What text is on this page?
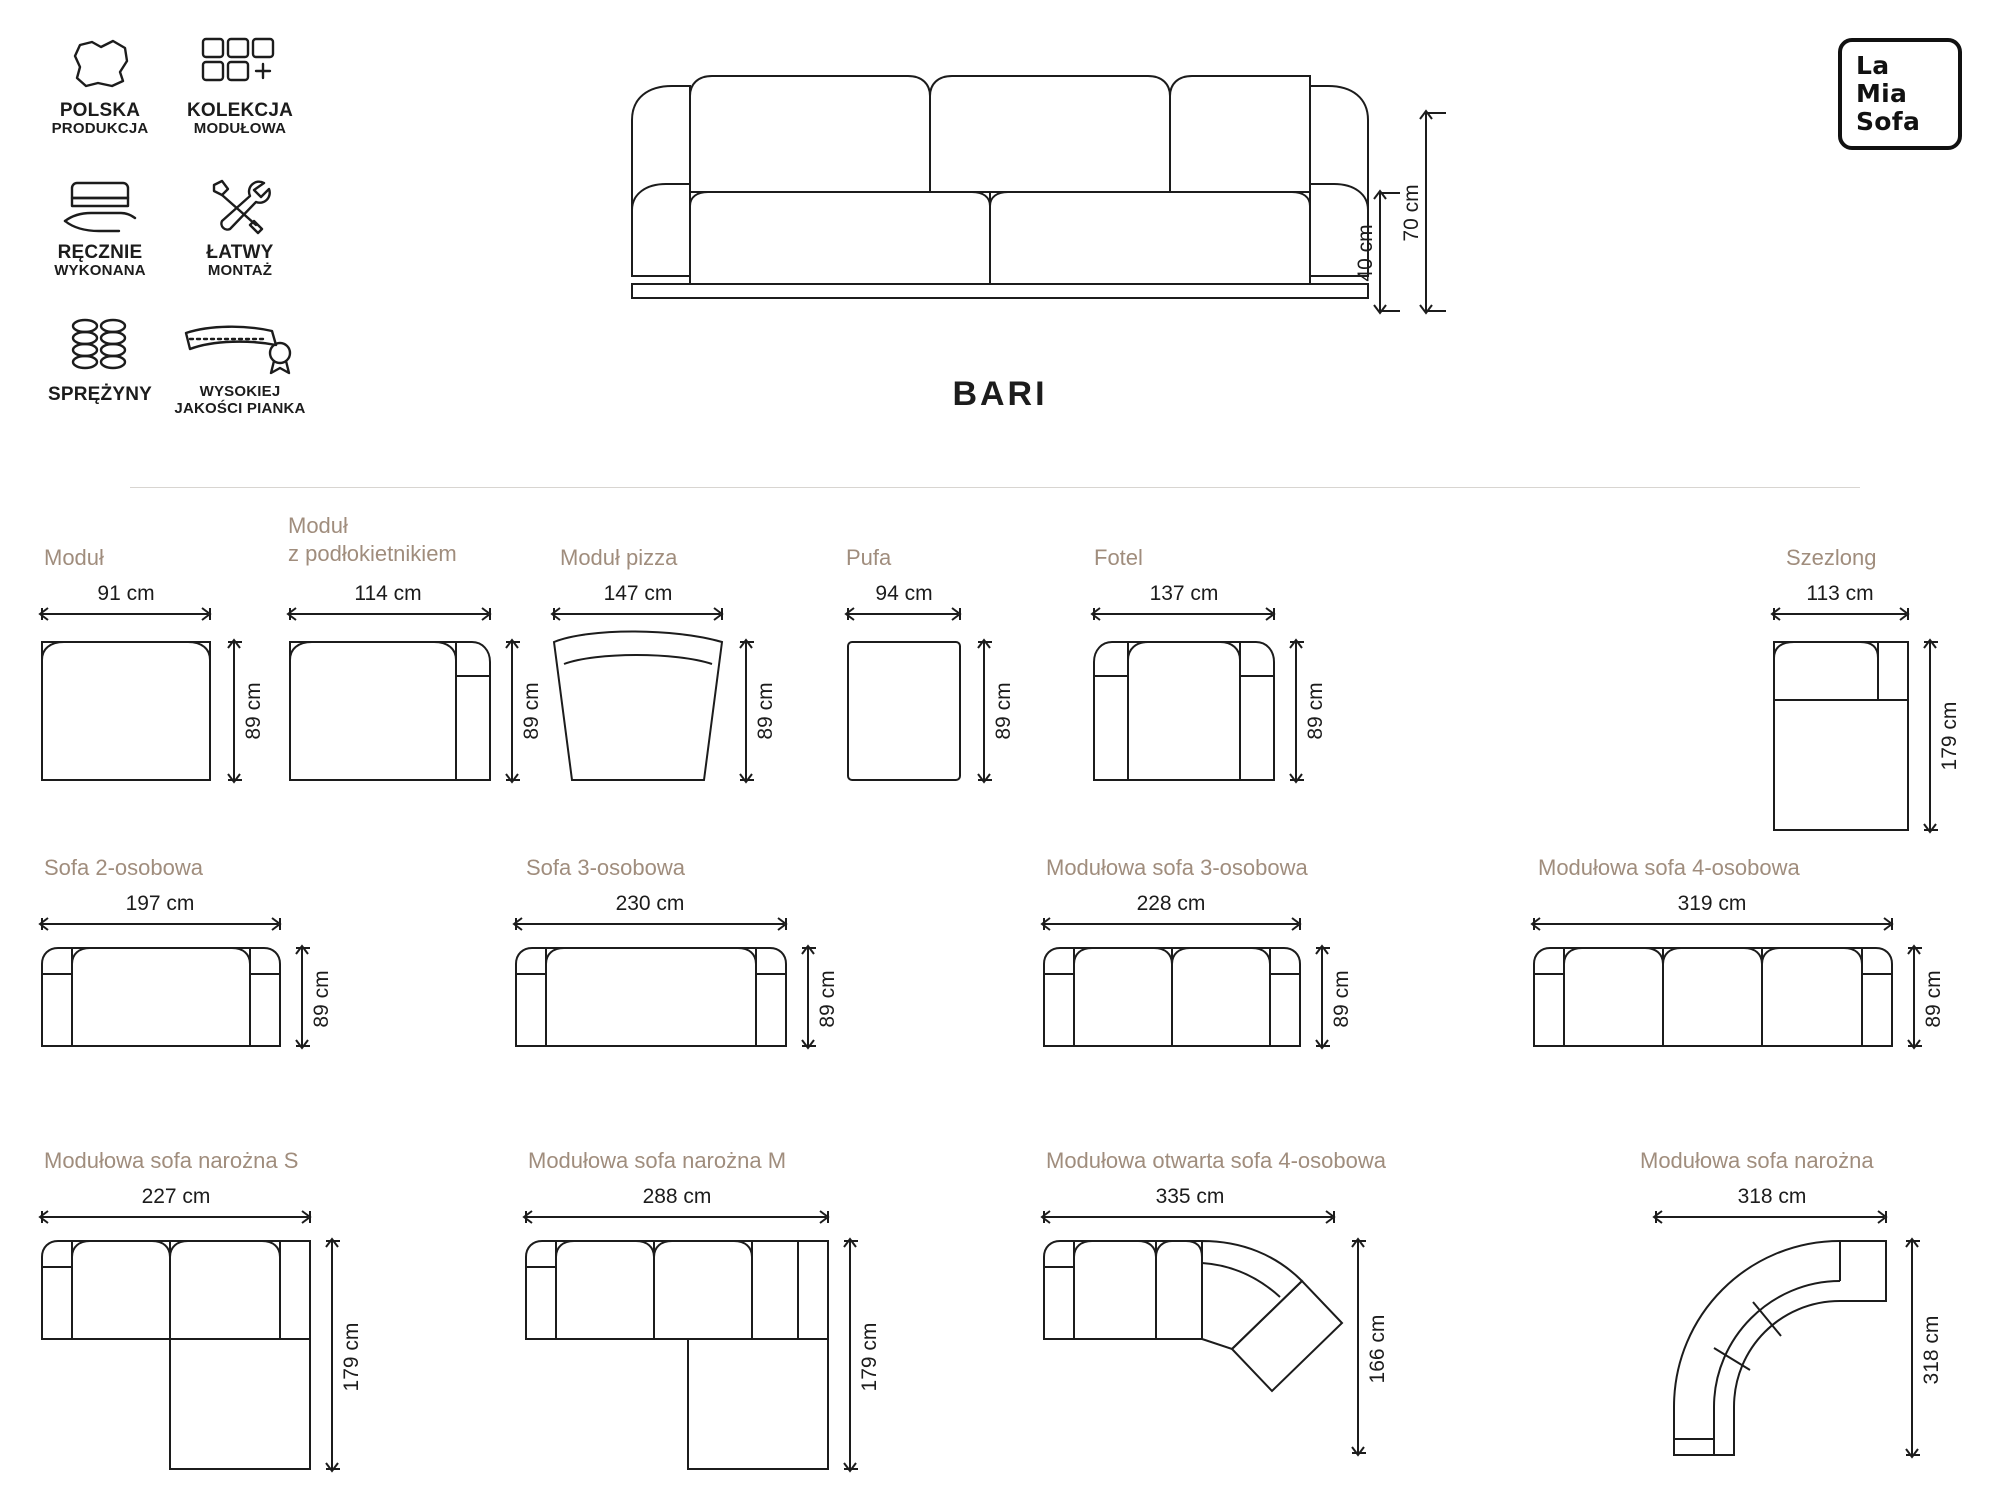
POLSKA
PRODUKCJA
KOLEKCJA
MODUŁOWA
RĘCZNIE
WYKONANA
ŁATWY
MONTAŻ
SPRĘŻYNY	WYSOKIEJ
JAKOŚCI PIANKA
La
Mia
Sofa
BARI
70 cm
40 cm
Moduł
91 cm
89 cm
Moduł
z podłokietnikiem
114 cm
89 cm
Moduł pizza
147 cm
89 cm
Pufa
94 cm
89 cm
Fotel
137 cm
89 cm
Szezlong
113 cm
179 cm
Sofa 2-osobowa
197 cm
89 cm
Sofa 3-osobowa
230 cm
89 cm
Modułowa sofa 3-osobowa
228 cm
89 cm
Modułowa sofa 4-osobowa
319 cm
89 cm
Modułowa sofa narożna S
227 cm
179 cm
Modułowa sofa narożna M
288 cm
179 cm
Modułowa otwarta sofa 4-osobowa
335 cm
166 cm
Modułowa sofa narożna
318 cm
318 cm
